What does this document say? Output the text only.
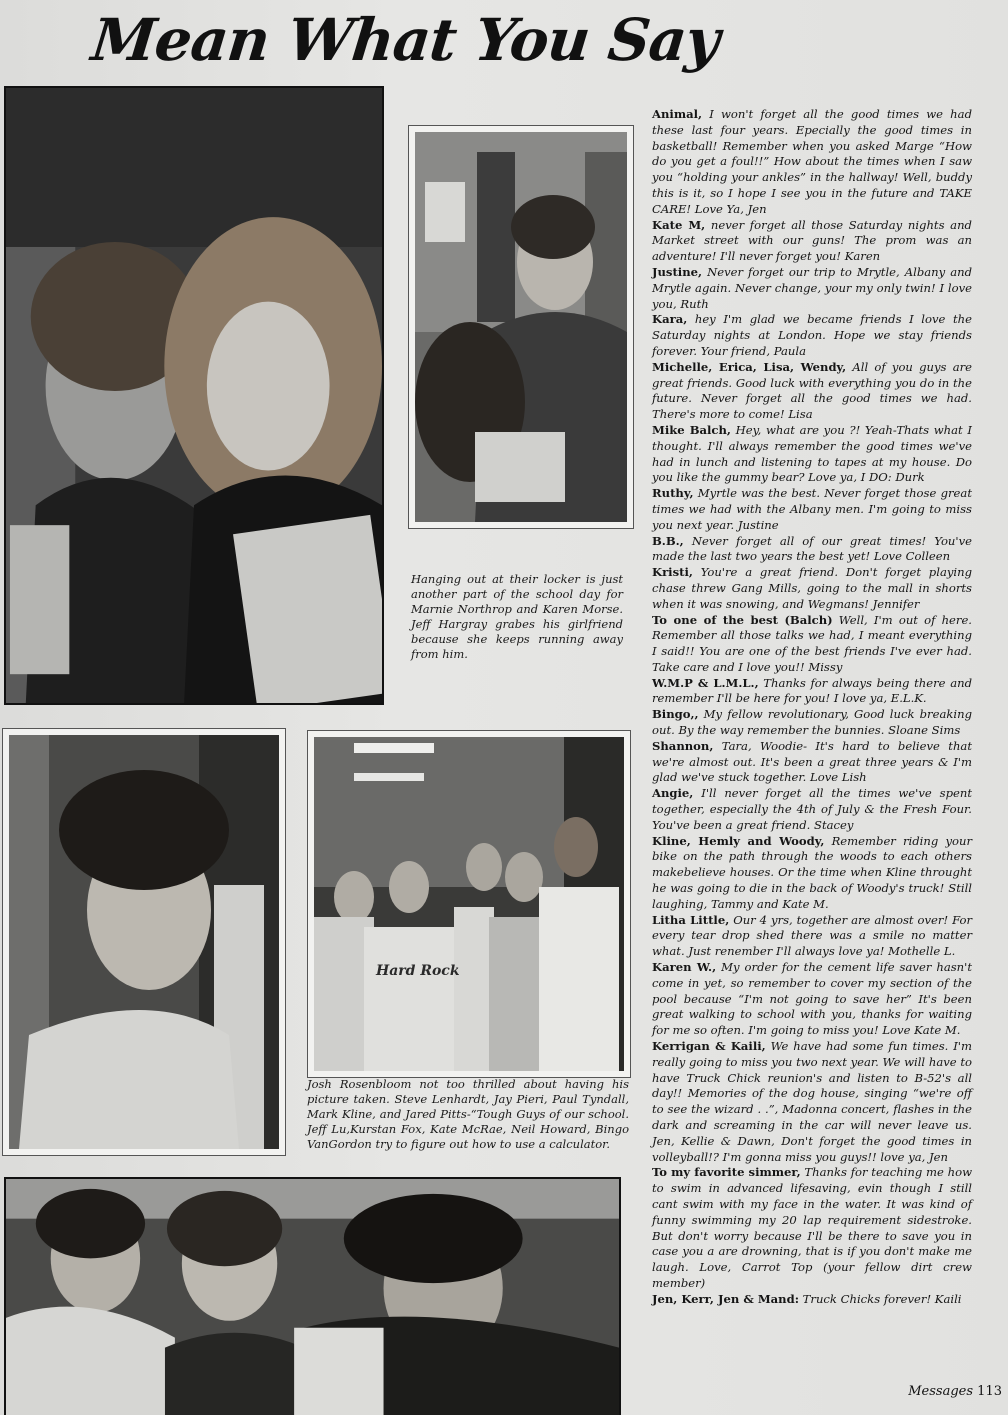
Mean What You Say
Hanging out at their locker is just another part of the school day for Marnie Northrop and Karen Morse. Jeff Hargray grabes his girlfriend because she keeps running away from him.
Hard Rock
Josh Rosenbloom not too thrilled about having his picture taken. Steve Lenhardt, Jay Pieri, Paul Tyndall, Mark Kline, and Jared Pitts-“Tough Guys of our school. Jeff Lu,Kurstan Fox, Kate McRae, Neil Howard, Bingo VanGordon try to figure out how to use a calculator.

Animal, I won't forget all the good times we had these last four years. Epecially the good times in basketball! Remember when you asked Marge “How do you get a foul!!” How about the times when I saw you “holding your ankles” in the hallway! Well, buddy this is it, so I hope I see you in the future and TAKE CARE! Love Ya, Jen

Kate M, never forget all those Saturday nights and Market street with our guns! The prom was an adventure! I'll never forget you! Karen

Justine, Never forget our trip to Mrytle, Albany and Mrytle again. Never change, your my only twin! I love you, Ruth

Kara, hey I'm glad we became friends I love the Saturday nights at London. Hope we stay friends forever. Your friend, Paula

Michelle, Erica, Lisa, Wendy, All of you guys are great friends. Good luck with everything you do in the future. Never forget all the good times we had. There's more to come! Lisa

Mike Balch, Hey, what are you ?! Yeah-Thats what I thought. I'll always remember the good times we've had in lunch and listening to tapes at my house. Do you like the gummy bear? Love ya, I DO: Durk

Ruthy, Myrtle was the best. Never forget those great times we had with the Albany men. I'm going to miss you next year. Justine

B.B., Never forget all of our great times! You've made the last two years the best yet! Love Colleen

Kristi, You're a great friend. Don't forget playing chase threw Gang Mills, going to the mall in shorts when it was snowing, and Wegmans! Jennifer

To one of the best (Balch) Well, I'm out of here. Remember all those talks we had, I meant everything I said!! You are one of the best friends I've ever had. Take care and I love you!! Missy

W.M.P & L.M.L., Thanks for always being there and remember I'll be here for you! I love ya, E.L.K.

Bingo,, My fellow revolutionary, Good luck breaking out. By the way remember the bunnies. Sloane Sims

Shannon, Tara, Woodie- It's hard to believe that we're almost out. It's been a great three years & I'm glad we've stuck together. Love Lish

Angie, I'll never forget all the times we've spent together, especially the 4th of July & the Fresh Four. You've been a great friend. Stacey

Kline, Hemly and Woody, Remember riding your bike on the path through the woods to each others makebelieve houses. Or the time when Kline throught he was going to die in the back of Woody's truck! Still laughing, Tammy and Kate M.

Litha Little, Our 4 yrs, together are almost over! For every tear drop shed there was a smile no matter what. Just renember I'll always love ya! Mothelle L.

Karen W., My order for the cement life saver hasn't come in yet, so remember to cover my section of the pool because “I'm not going to save her” It's been great walking to school with you, thanks for waiting for me so often. I'm going to miss you! Love Kate M.

Kerrigan & Kaili, We have had some fun times. I'm really going to miss you two next year. We will have to have Truck Chick reunion's and listen to B-52's all day!! Memories of the dog house, singing “we're off to see the wizard . .”, Madonna concert, flashes in the dark and screaming in the car will never leave us. Jen, Kellie & Dawn, Don't forget the good times in volleyball!? I'm gonna miss you guys!! love ya, Jen

To my favorite simmer, Thanks for teaching me how to swim in advanced lifesaving, evin though I still cant swim with my face in the water. It was kind of funny swimming my 20 lap requirement sidestroke. But don't worry because I'll be there to save you in case you a are drowning, that is if you don't make me laugh. Love, Carrot Top (your fellow dirt crew member)

Jen, Kerr, Jen & Mand: Truck Chicks forever! Kaili

Messages 113
